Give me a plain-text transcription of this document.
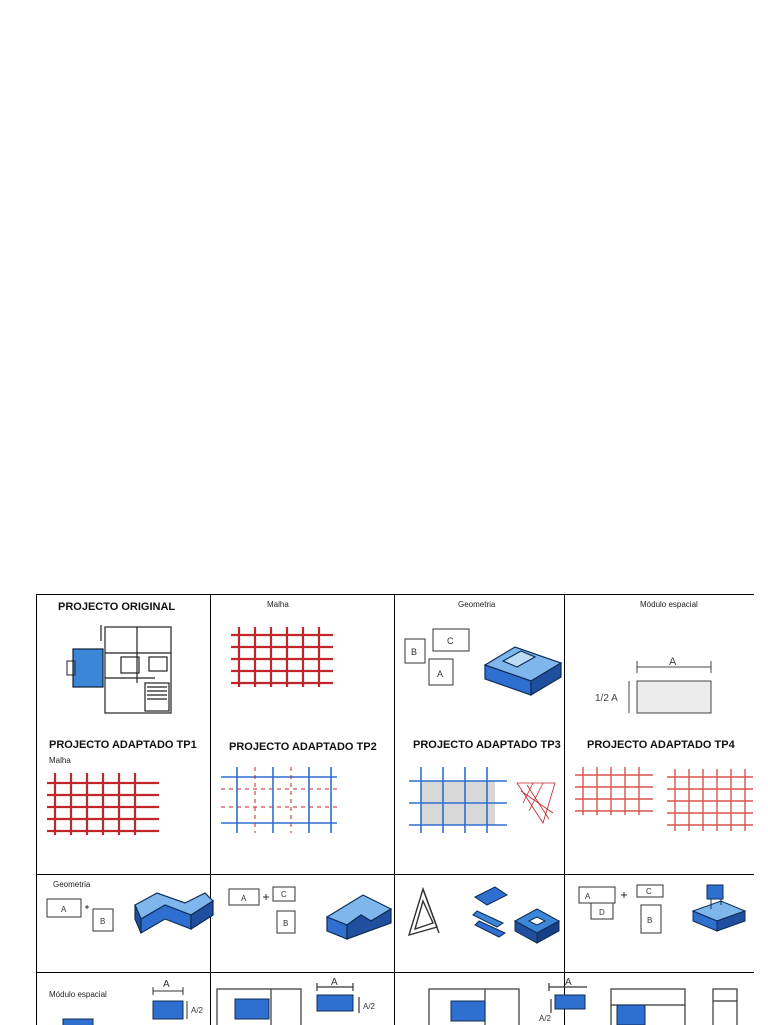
PROJECTO ORIGINAL	Malha	Geometria	Módulo espacial
PROJECTO ADAPTADO TP1	PROJECTO ADAPTADO TP2	PROJECTO ADAPTADO TP3 PROJECTO ADAPTADO TP4
Malha
Geometria
Módulo espacial
B
C
A
A
1/2 A
A
B
A	C
B
A
D
C
B
A
A/2
A
A/2
A
A/2
